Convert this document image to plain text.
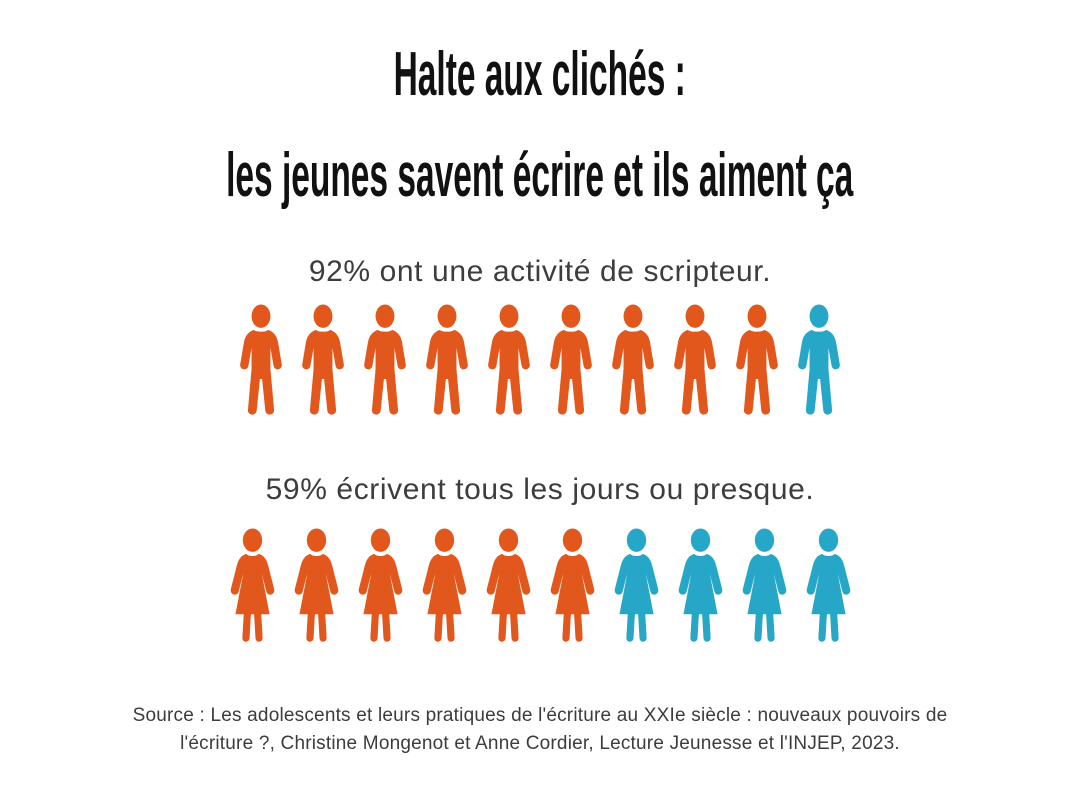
Halte aux clichés :
les jeunes savent écrire et ils aiment ça
92% ont une activité de scripteur.
59% écrivent tous les jours ou presque.
Source : Les adolescents et leurs pratiques de l'écriture au XXIe siècle : nouveaux pouvoirs de l'écriture ?, Christine Mongenot et Anne Cordier, Lecture Jeunesse et l'INJEP, 2023.
